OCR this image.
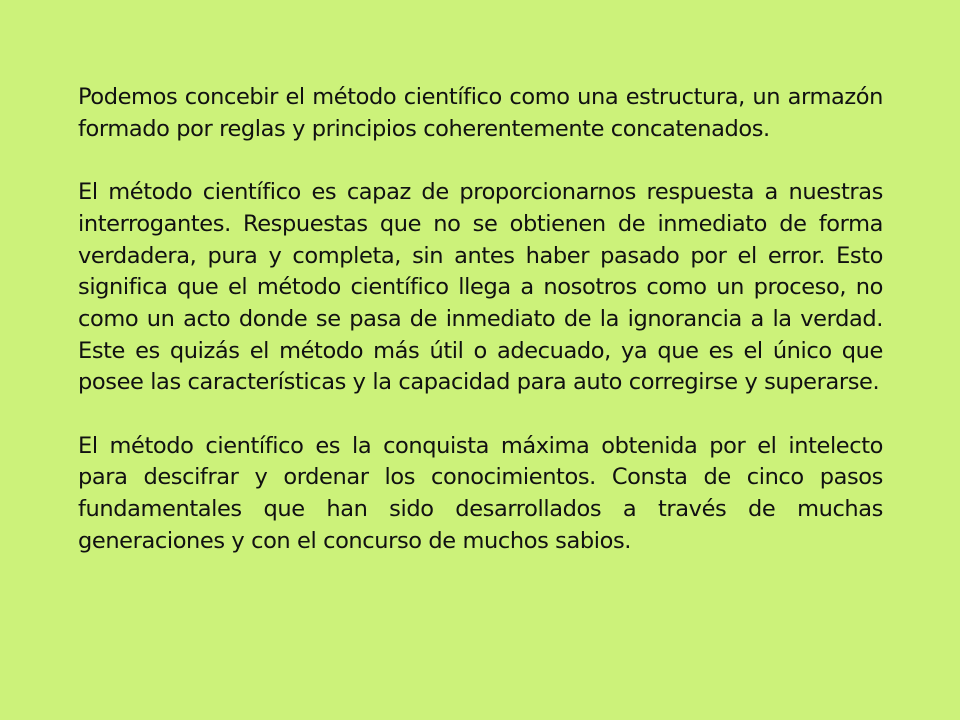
Podemos concebir el método científico como una estructura, un armazón formado por reglas y principios coherentemente concatenados.

El método científico es capaz de proporcionarnos respuesta a nuestras interrogantes. Respuestas que no se obtienen de inmediato de forma verdadera, pura y completa, sin antes haber pasado por el error. Esto significa que el método científico llega a nosotros como un proceso, no como un acto donde se pasa de inmediato de la ignorancia a la verdad. Este es quizás el método más útil o adecuado, ya que es el único que posee las características y la capacidad para auto corregirse y superarse.

El método científico es la conquista máxima obtenida por el intelecto para descifrar y ordenar los conocimientos. Consta de cinco pasos fundamentales que han sido desarrollados a través de muchas generaciones y con el concurso de muchos sabios.
